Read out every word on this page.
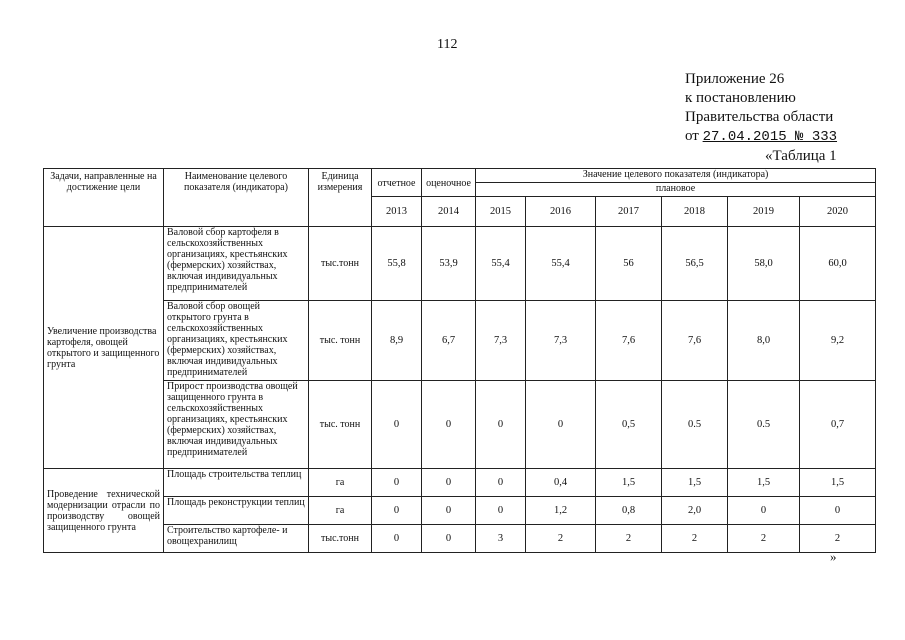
112
Приложение 26
к постановлению
Правительства области
от 27.04.2015 № 333
«Таблица 1
Задачи, направленные на достижение цели	Наименование целевого показателя (индикатора)	Единица измерения	отчетное	оценочное	Значение целевого показателя (индикатора)					
					плановое					
			2013	2014	2015	2016	2017	2018	2019	2020
Увеличение производства картофеля, овощей открытого и защищенного грунта	Валовой сбор картофеля в сельскохозяйственных организациях, крестьянских (фермерских) хозяйствах, включая индивидуальных предпринимателей	тыс.тонн	55,8	53,9	55,4	55,4	56	56,5	58,0	60,0

	Валовой сбор овощей открытого грунта в сельскохозяйственных организациях, крестьянских (фермерских) хозяйствах, включая индивидуальных предпринимателей	тыс. тонн	8,9	6,7	7,3	7,3	7,6	7,6	8,0	9,2
	Прирост производства овощей защищенного грунта в сельскохозяйственных организациях, крестьянских (фермерских) хозяйствах, включая индивидуальных предпринимателей	тыс. тонн	0	0	0	0	0,5	0.5	0.5	0,7
Проведение технической модернизации отрасли по производству овощей защищенного грунта	Площадь строительства теплиц	га	0	0	0	0,4	1,5	1,5	1,5	1,5
	Площадь реконструкции теплиц	га	0	0	0	1,2	0,8	2,0	0	0
	Строительство картофеле- и овощехранилищ	тыс.тонн	0	0	3	2	2	2	2	2
»
